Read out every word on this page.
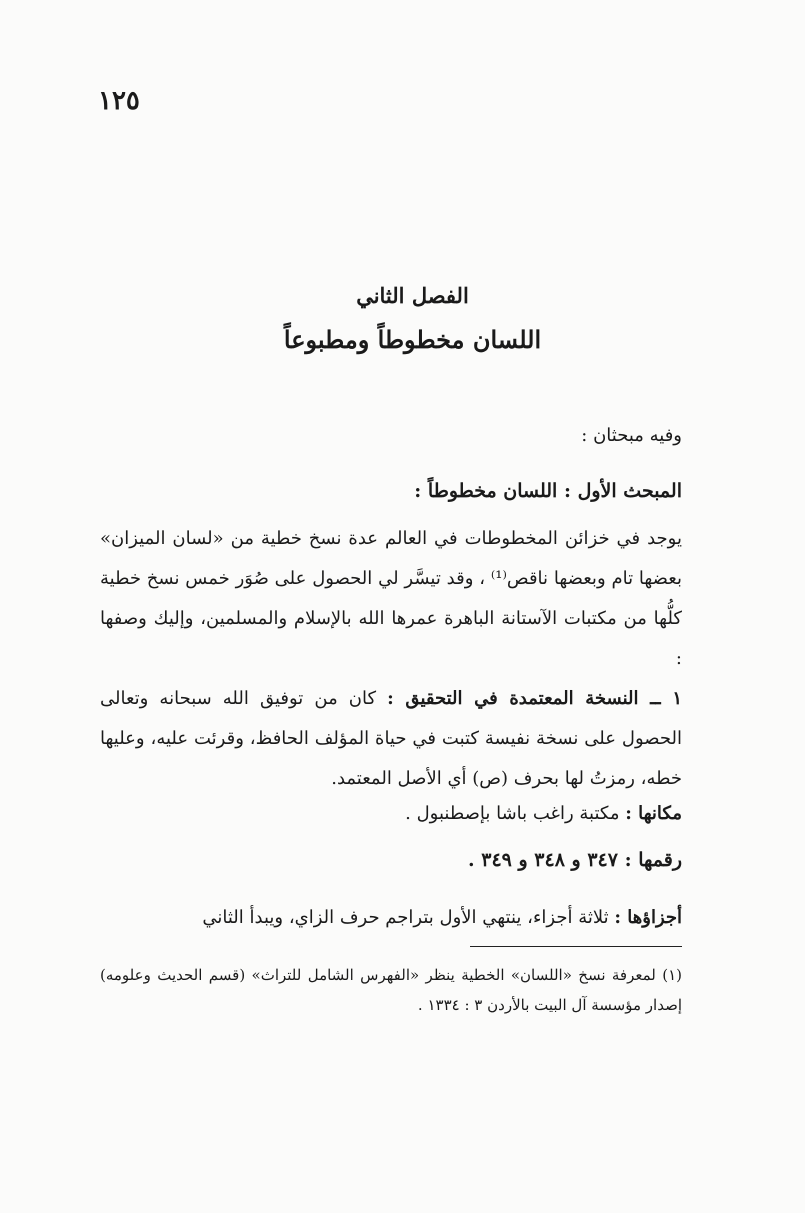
١٢٥
الفصل الثاني
اللسان مخطوطاً ومطبوعاً
وفيه مبحثان :
المبحث الأول : اللسان مخطوطاً :
يوجد في خزائن المخطوطات في العالم عدة نسخ خطية من «لسان الميزان» بعضها تام وبعضها ناقص⁽¹⁾ ، وقد تيسَّر لي الحصول على صُوَر خمس نسخ خطية كلُّها من مكتبات الآستانة الباهرة عمرها الله بالإسلام والمسلمين، وإليك وصفها :
١ ــ النسخة المعتمدة في التحقيق : كان من توفيق الله سبحانه وتعالى الحصول على نسخة نفيسة كتبت في حياة المؤلف الحافظ، وقرئت عليه، وعليها خطه، رمزتُ لها بحرف (ص) أي الأصل المعتمد.
مكانها : مكتبة راغب باشا بإصطنبول .
رقمها : ٣٤٧ و ٣٤٨ و ٣٤٩ .
أجزاؤها : ثلاثة أجزاء، ينتهي الأول بتراجم حرف الزاي، ويبدأ الثاني
(١) لمعرفة نسخ «اللسان» الخطية ينظر «الفهرس الشامل للتراث» (قسم الحديث وعلومه) إصدار مؤسسة آل البيت بالأردن ٣ : ١٣٣٤ .
